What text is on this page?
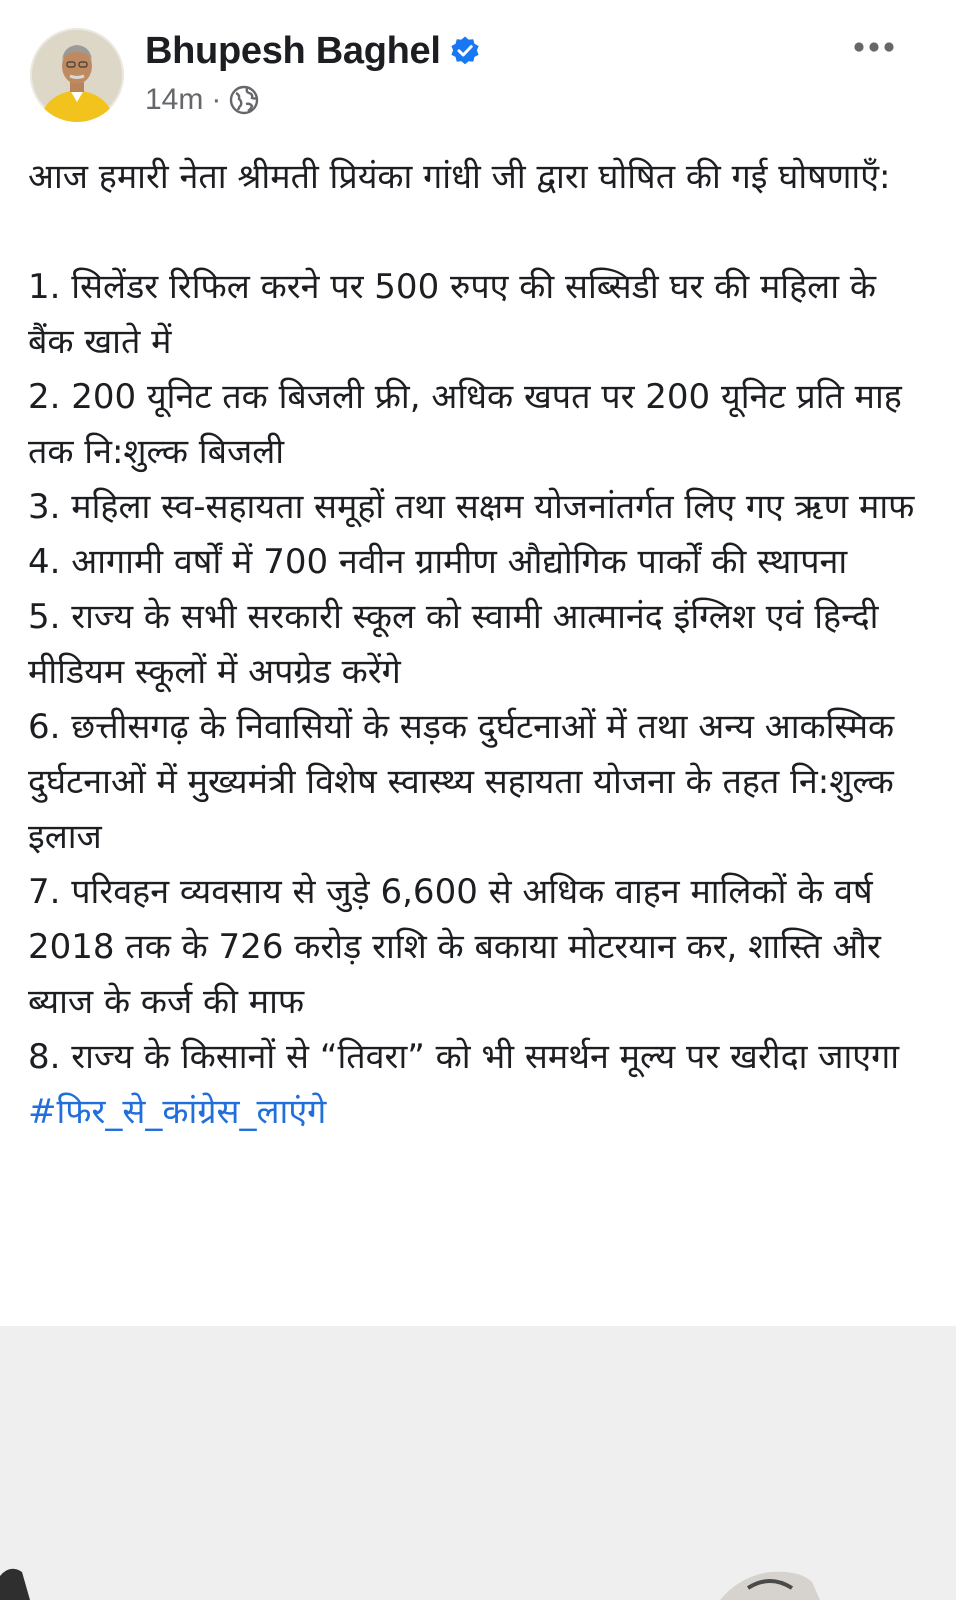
Bhupesh Baghel
14m ·

आज हमारी नेता श्रीमती प्रियंका गांधी जी द्वारा घोषित की गई घोषणाएँ:

1. सिलेंडर रिफिल करने पर 500 रुपए की सब्सिडी घर की महिला के बैंक खाते में

2. 200 यूनिट तक बिजली फ्री, अधिक खपत पर 200 यूनिट प्रति माह तक नि:शुल्क बिजली

3. महिला स्व-सहायता समूहों तथा सक्षम योजनांतर्गत लिए गए ऋण माफ

4. आगामी वर्षों में 700 नवीन ग्रामीण औद्योगिक पार्कों की स्थापना

5. राज्य के सभी सरकारी स्कूल को स्वामी आत्मानंद इंग्लिश एवं हिन्दी मीडियम स्कूलों में अपग्रेड करेंगे

6. छत्तीसगढ़ के निवासियों के सड़क दुर्घटनाओं में तथा अन्य आकस्मिक दुर्घटनाओं में मुख्यमंत्री विशेष स्वास्थ्य सहायता योजना के तहत नि:शुल्क इलाज

7. परिवहन व्यवसाय से जुड़े 6,600 से अधिक वाहन मालिकों के वर्ष 2018 तक के 726 करोड़ राशि के बकाया मोटरयान कर, शास्ति और ब्याज के कर्ज की माफ

8. राज्य के किसानों से “तिवरा” को भी समर्थन मूल्य पर खरीदा जाएगा

#फिर_से_कांग्रेस_लाएंगे
